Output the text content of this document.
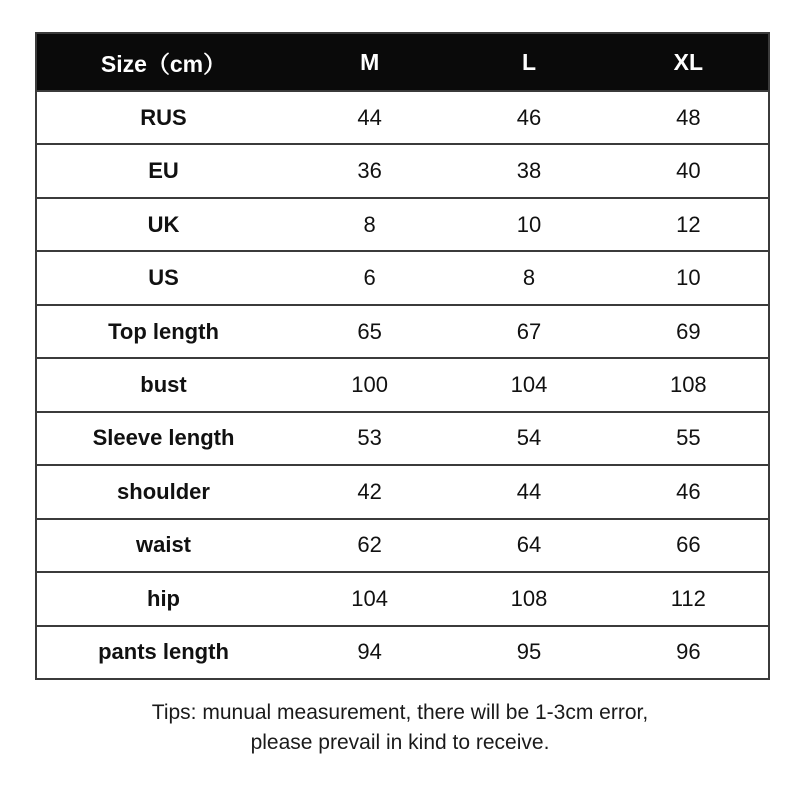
Size（cm）	M	L	XL
RUS	44	46	48
EU	36	38	40
UK	8	10	12
US	6	8	10
Top length	65	67	69
bust	100	104	108
Sleeve length	53	54	55
shoulder	42	44	46
waist	62	64	66
hip	104	108	112
pants length	94	95	96
Tips: munual measurement, there will be 1-3cm error,
please prevail in kind to receive.
